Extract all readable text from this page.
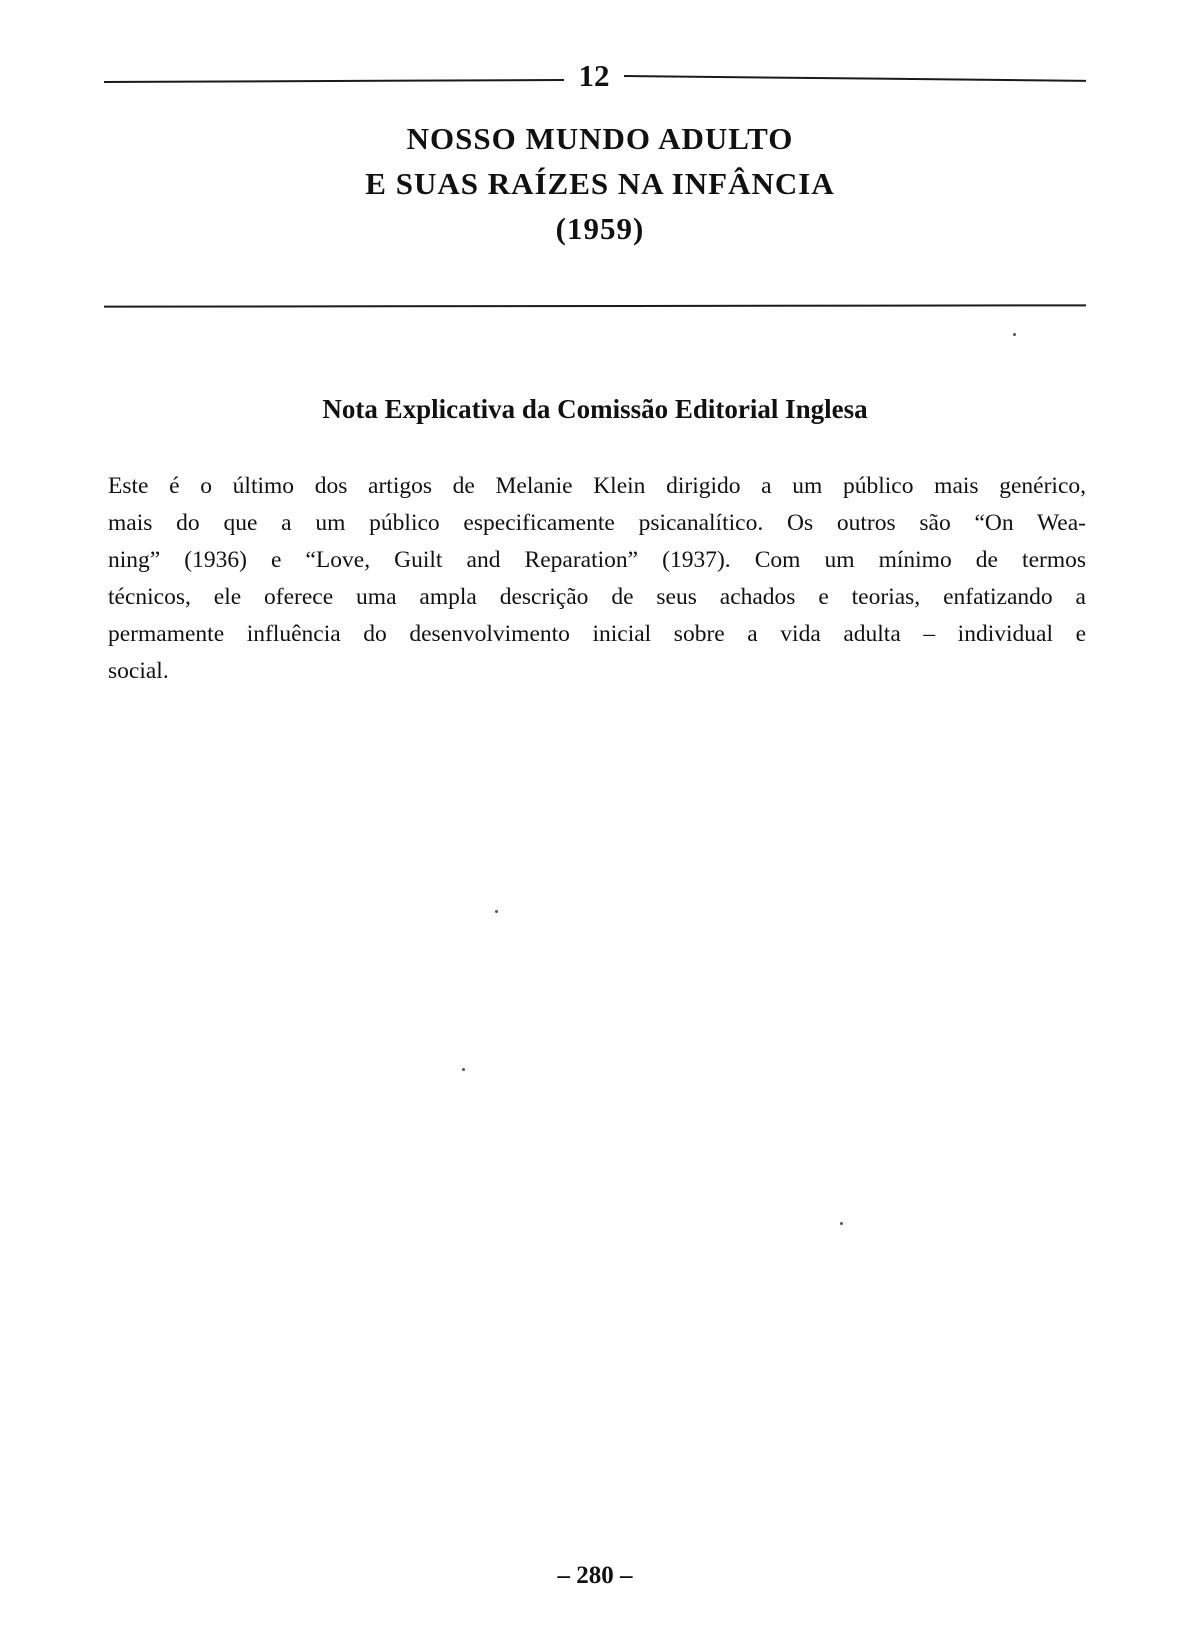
12
NOSSO MUNDO ADULTO
E SUAS RAÍZES NA INFÂNCIA
(1959)
Nota Explicativa da Comissão Editorial Inglesa
Este é o último dos artigos de Melanie Klein dirigido a um público mais genérico,
mais do que a um público especificamente psicanalítico. Os outros são “On Wea-
ning” (1936) e “Love, Guilt and Reparation” (1937). Com um mínimo de termos
técnicos, ele oferece uma ampla descrição de seus achados e teorias, enfatizando a
permamente influência do desenvolvimento inicial sobre a vida adulta – individual e
social.
– 280 –
